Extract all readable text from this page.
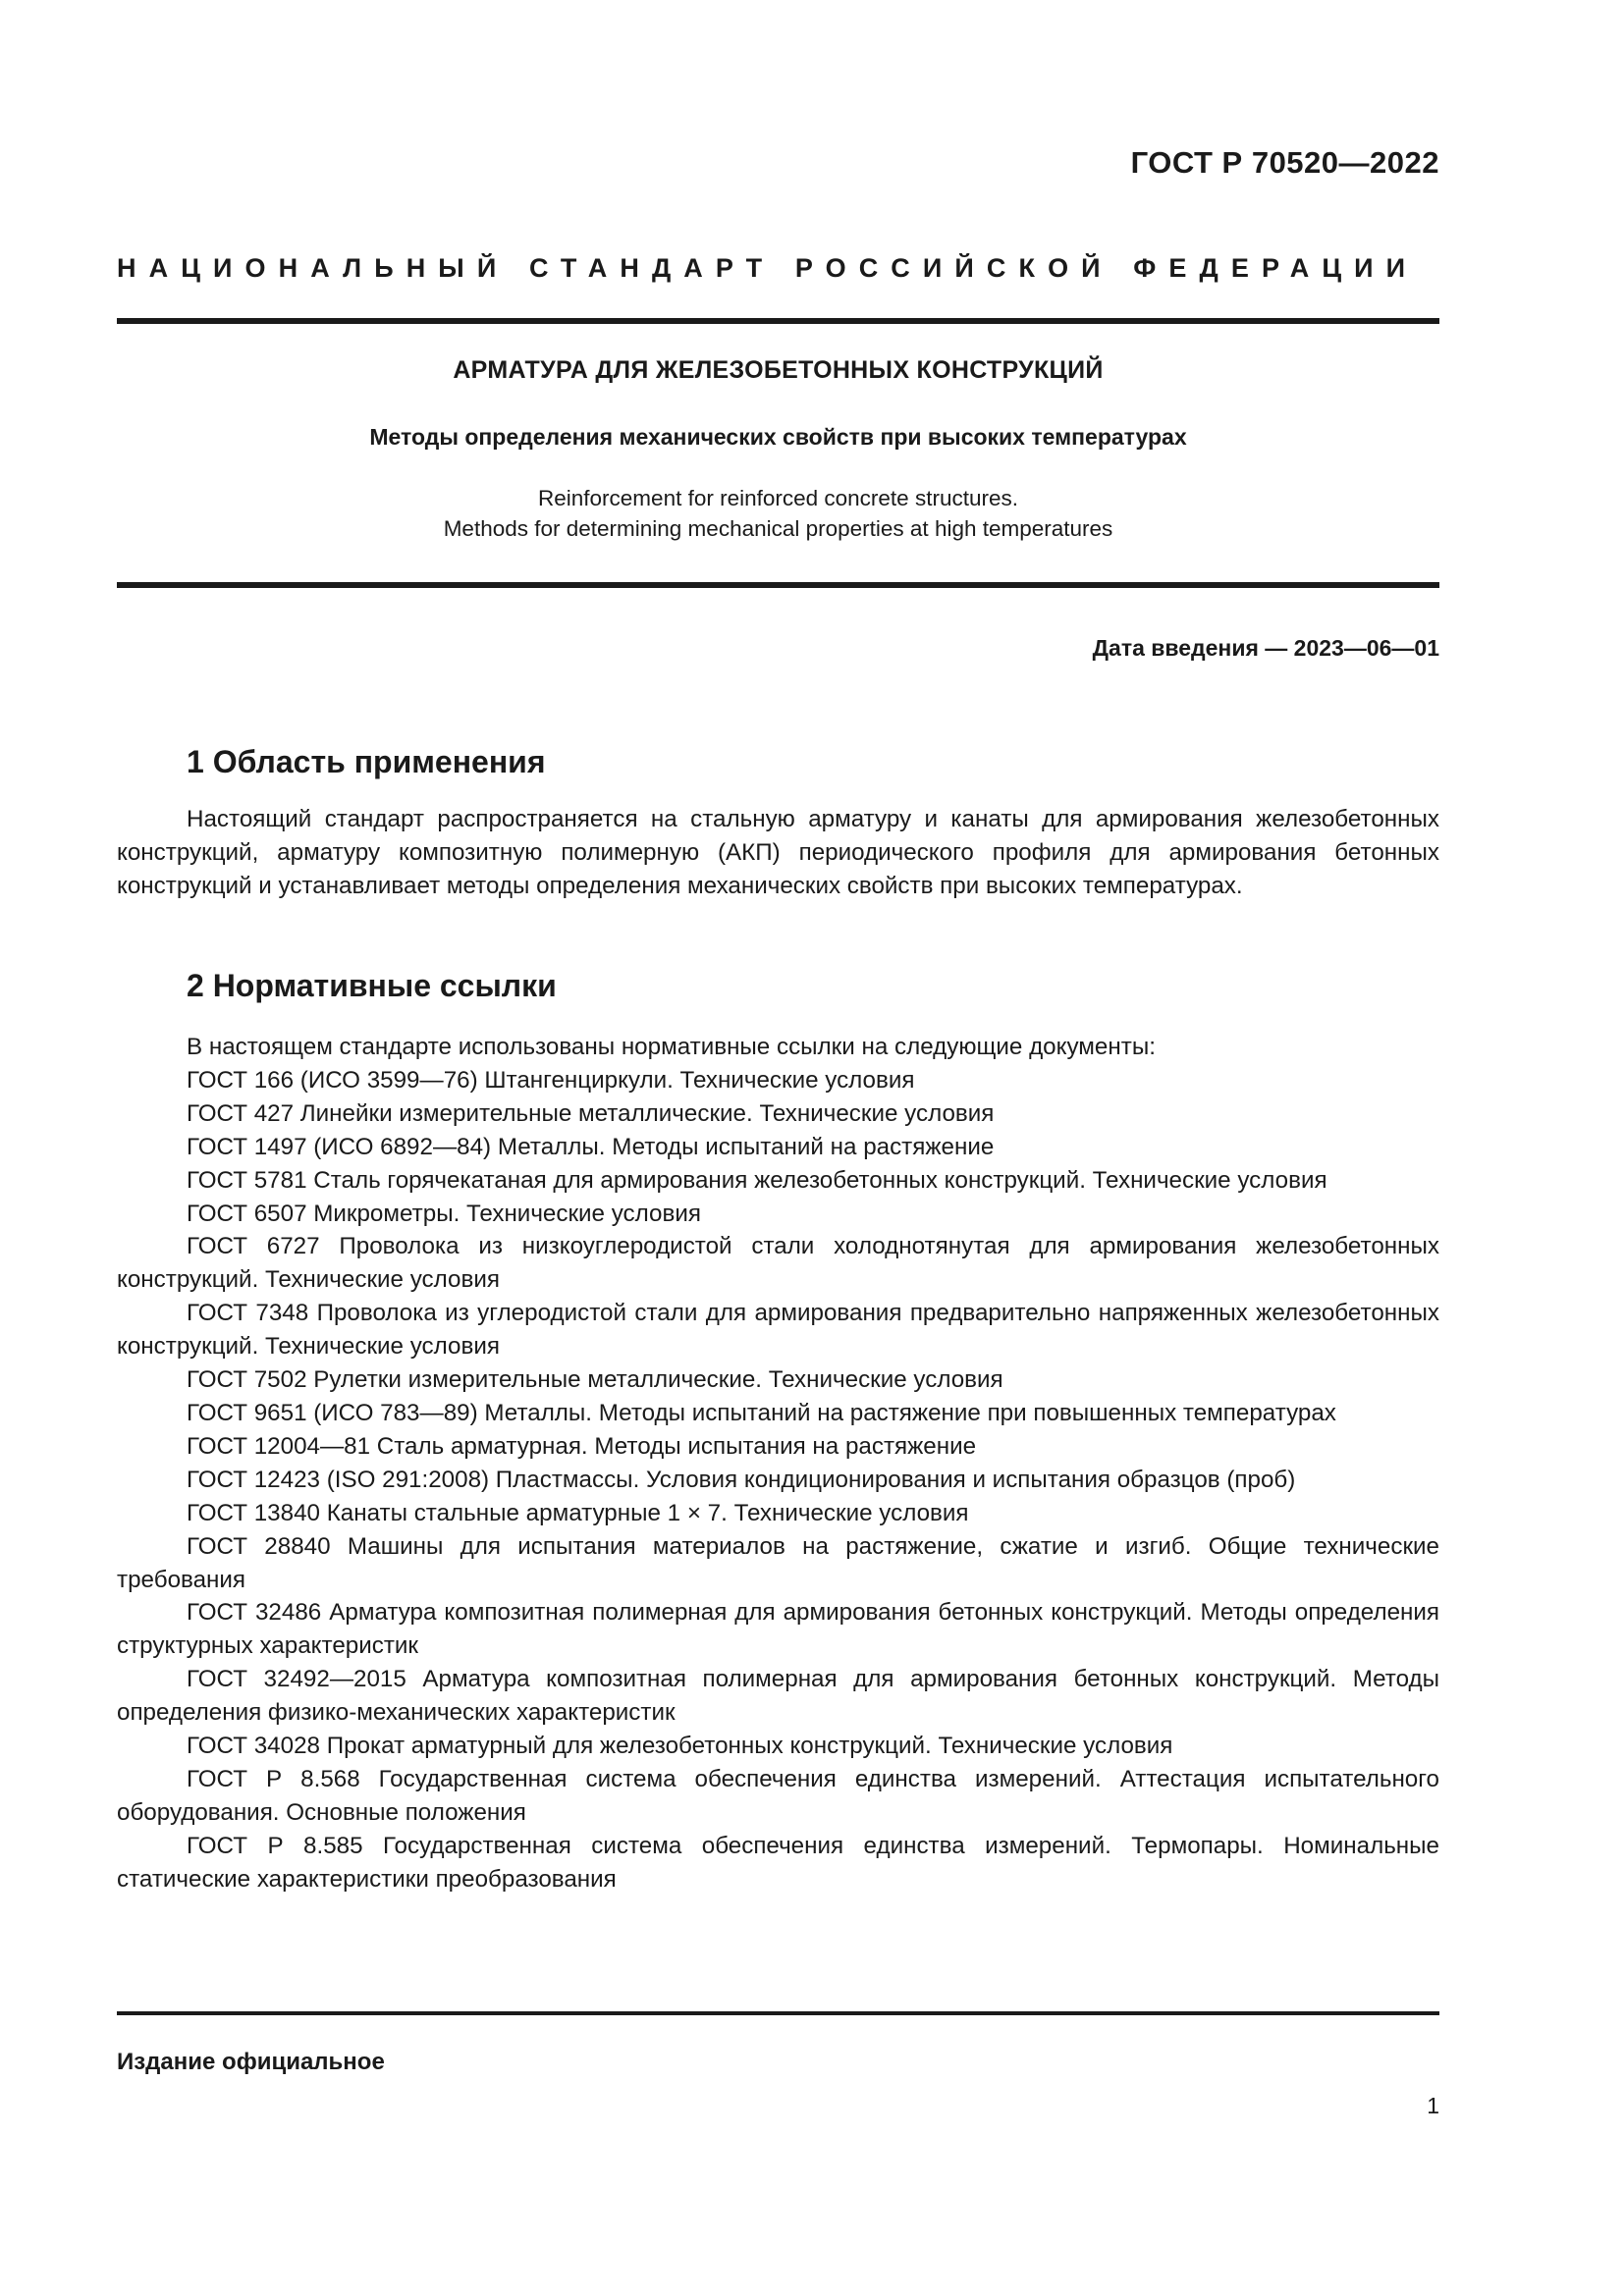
ГОСТ Р 70520—2022
НАЦИОНАЛЬНЫЙ СТАНДАРТ РОССИЙСКОЙ ФЕДЕРАЦИИ
АРМАТУРА ДЛЯ ЖЕЛЕЗОБЕТОННЫХ КОНСТРУКЦИЙ
Методы определения механических свойств при высоких температурах
Reinforcement for reinforced concrete structures.
Methods for determining mechanical properties at high temperatures
Дата введения — 2023—06—01
1 Область применения

Настоящий стандарт распространяется на стальную арматуру и канаты для армирования железобетонных конструкций, арматуру композитную полимерную (АКП) периодического профиля для армирования бетонных конструкций и устанавливает методы определения механических свойств при высоких температурах.

2 Нормативные ссылки
В настоящем стандарте использованы нормативные ссылки на следующие документы:
ГОСТ 166 (ИСО 3599—76) Штангенциркули. Технические условия
ГОСТ 427 Линейки измерительные металлические. Технические условия
ГОСТ 1497 (ИСО 6892—84) Металлы. Методы испытаний на растяжение
ГОСТ 5781 Сталь горячекатаная для армирования железобетонных конструкций. Технические условия
ГОСТ 6507 Микрометры. Технические условия
ГОСТ 6727 Проволока из низкоуглеродистой стали холоднотянутая для армирования железобетонных конструкций. Технические условия
ГОСТ 7348 Проволока из углеродистой стали для армирования предварительно напряженных железобетонных конструкций. Технические условия
ГОСТ 7502 Рулетки измерительные металлические. Технические условия
ГОСТ 9651 (ИСО 783—89) Металлы. Методы испытаний на растяжение при повышенных температурах
ГОСТ 12004—81 Сталь арматурная. Методы испытания на растяжение
ГОСТ 12423 (ISO 291:2008) Пластмассы. Условия кондиционирования и испытания образцов (проб)
ГОСТ 13840 Канаты стальные арматурные 1 × 7. Технические условия
ГОСТ 28840 Машины для испытания материалов на растяжение, сжатие и изгиб. Общие технические требования
ГОСТ 32486 Арматура композитная полимерная для армирования бетонных конструкций. Методы определения структурных характеристик
ГОСТ 32492—2015 Арматура композитная полимерная для армирования бетонных конструкций. Методы определения физико-механических характеристик
ГОСТ 34028 Прокат арматурный для железобетонных конструкций. Технические условия
ГОСТ Р 8.568 Государственная система обеспечения единства измерений. Аттестация испытательного оборудования. Основные положения
ГОСТ Р 8.585 Государственная система обеспечения единства измерений. Термопары. Номинальные статические характеристики преобразования
Издание официальное
1
